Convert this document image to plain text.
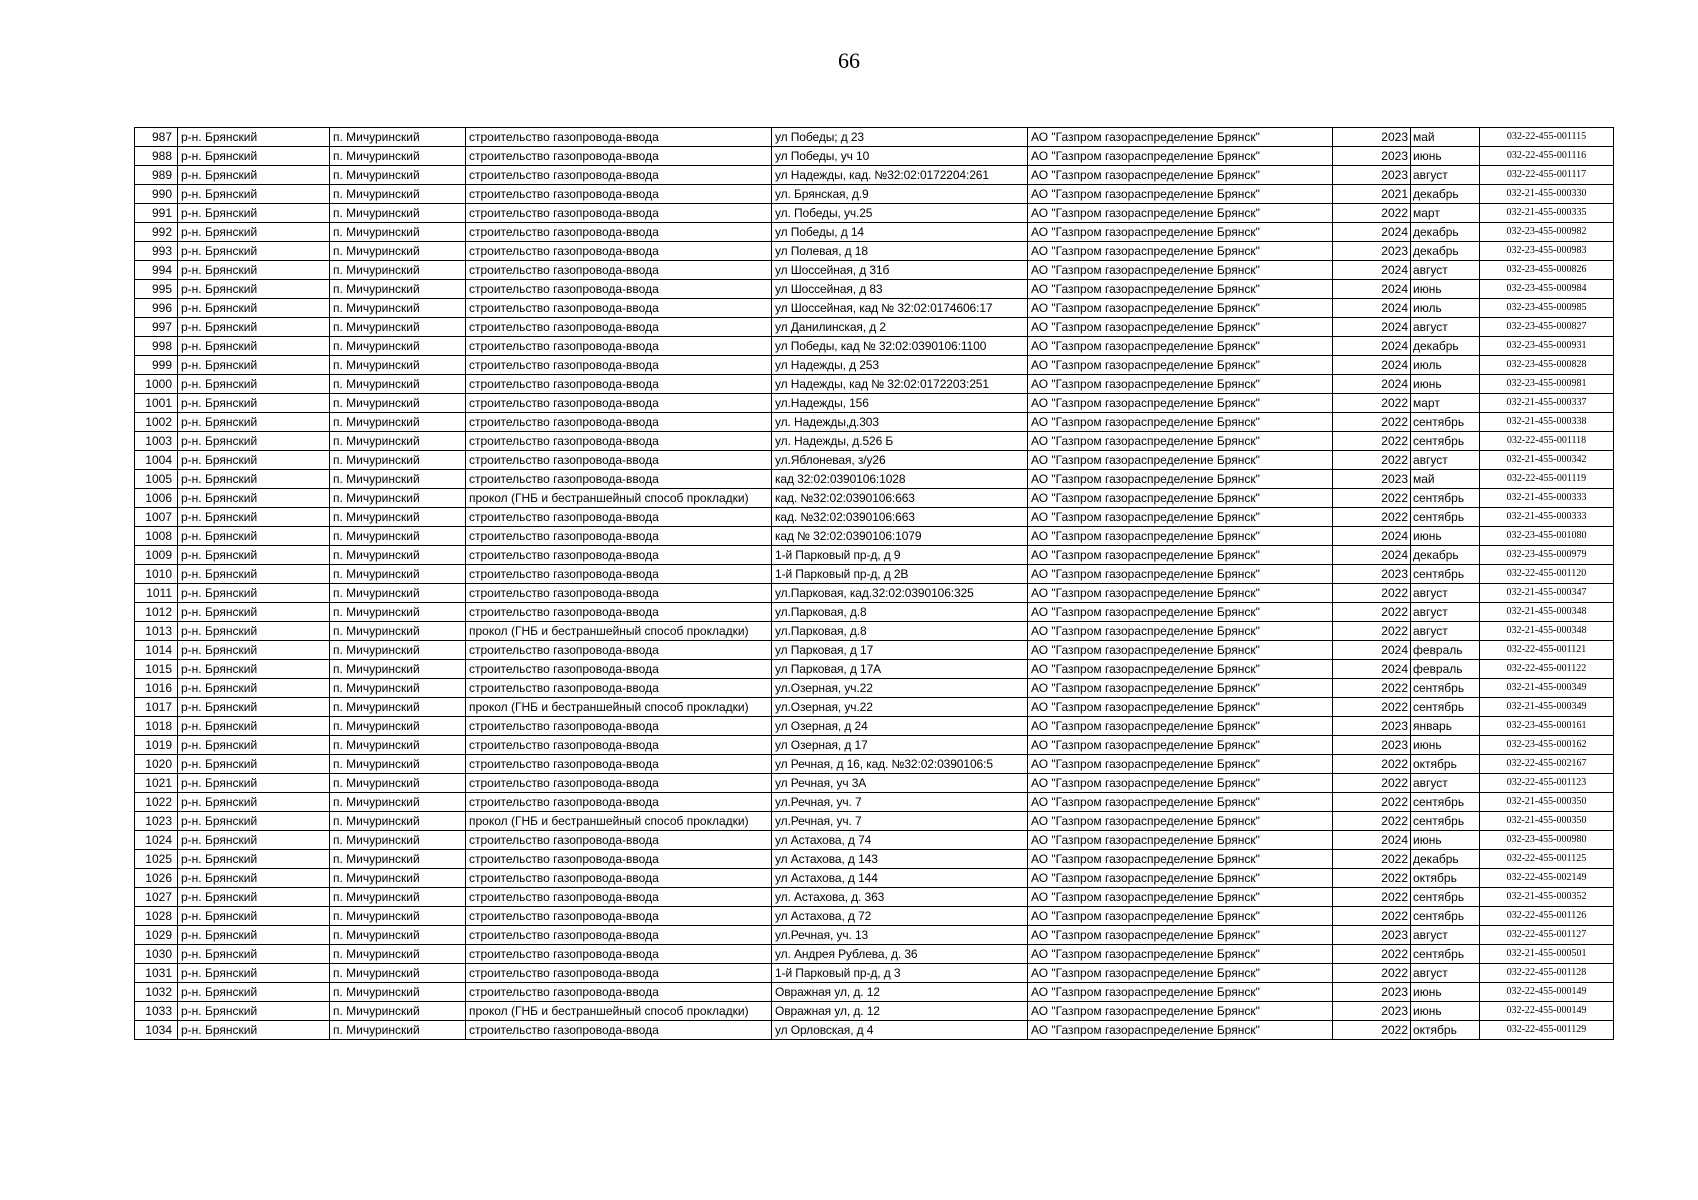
66
987	р-н. Брянский	п. Мичуринский	строительство газопровода-ввода	ул Победы; д 23	АО "Газпром газораспределение Брянск"	2023	май	032-22-455-001115
988	р-н. Брянский	п. Мичуринский	строительство газопровода-ввода	ул Победы, уч 10	АО "Газпром газораспределение Брянск"	2023	июнь	032-22-455-001116
989	р-н. Брянский	п. Мичуринский	строительство газопровода-ввода	ул Надежды, кад. №32:02:0172204:261	АО "Газпром газораспределение Брянск"	2023	август	032-22-455-001117
990	р-н. Брянский	п. Мичуринский	строительство газопровода-ввода	ул. Брянская, д.9	АО "Газпром газораспределение Брянск"	2021	декабрь	032-21-455-000330
991	р-н. Брянский	п. Мичуринский	строительство газопровода-ввода	ул. Победы, уч.25	АО "Газпром газораспределение Брянск"	2022	март	032-21-455-000335
992	р-н. Брянский	п. Мичуринский	строительство газопровода-ввода	ул Победы, д 14	АО "Газпром газораспределение Брянск"	2024	декабрь	032-23-455-000982
993	р-н. Брянский	п. Мичуринский	строительство газопровода-ввода	ул Полевая, д 18	АО "Газпром газораспределение Брянск"	2023	декабрь	032-23-455-000983
994	р-н. Брянский	п. Мичуринский	строительство газопровода-ввода	ул Шоссейная, д 31б	АО "Газпром газораспределение Брянск"	2024	август	032-23-455-000826
995	р-н. Брянский	п. Мичуринский	строительство газопровода-ввода	ул Шоссейная, д 83	АО "Газпром газораспределение Брянск"	2024	июнь	032-23-455-000984
996	р-н. Брянский	п. Мичуринский	строительство газопровода-ввода	ул Шоссейная, кад № 32:02:0174606:17	АО "Газпром газораспределение Брянск"	2024	июль	032-23-455-000985
997	р-н. Брянский	п. Мичуринский	строительство газопровода-ввода	ул Данилинская, д 2	АО "Газпром газораспределение Брянск"	2024	август	032-23-455-000827
998	р-н. Брянский	п. Мичуринский	строительство газопровода-ввода	ул Победы, кад № 32:02:0390106:1100	АО "Газпром газораспределение Брянск"	2024	декабрь	032-23-455-000931
999	р-н. Брянский	п. Мичуринский	строительство газопровода-ввода	ул Надежды, д 253	АО "Газпром газораспределение Брянск"	2024	июль	032-23-455-000828
1000	р-н. Брянский	п. Мичуринский	строительство газопровода-ввода	ул Надежды, кад № 32:02:0172203:251	АО "Газпром газораспределение Брянск"	2024	июнь	032-23-455-000981
1001	р-н. Брянский	п. Мичуринский	строительство газопровода-ввода	ул.Надежды, 156	АО "Газпром газораспределение Брянск"	2022	март	032-21-455-000337
1002	р-н. Брянский	п. Мичуринский	строительство газопровода-ввода	ул. Надежды,д.303	АО "Газпром газораспределение Брянск"	2022	сентябрь	032-21-455-000338
1003	р-н. Брянский	п. Мичуринский	строительство газопровода-ввода	ул. Надежды, д.526 Б	АО "Газпром газораспределение Брянск"	2022	сентябрь	032-22-455-001118
1004	р-н. Брянский	п. Мичуринский	строительство газопровода-ввода	ул.Яблоневая, з/у26	АО "Газпром газораспределение Брянск"	2022	август	032-21-455-000342
1005	р-н. Брянский	п. Мичуринский	строительство газопровода-ввода	кад 32:02:0390106:1028	АО "Газпром газораспределение Брянск"	2023	май	032-22-455-001119
1006	р-н. Брянский	п. Мичуринский	прокол (ГНБ и бестраншейный способ прокладки)	кад. №32:02:0390106:663	АО "Газпром газораспределение Брянск"	2022	сентябрь	032-21-455-000333
1007	р-н. Брянский	п. Мичуринский	строительство газопровода-ввода	кад. №32:02:0390106:663	АО "Газпром газораспределение Брянск"	2022	сентябрь	032-21-455-000333
1008	р-н. Брянский	п. Мичуринский	строительство газопровода-ввода	кад № 32:02:0390106:1079	АО "Газпром газораспределение Брянск"	2024	июнь	032-23-455-001080
1009	р-н. Брянский	п. Мичуринский	строительство газопровода-ввода	1-й Парковый пр-д, д 9	АО "Газпром газораспределение Брянск"	2024	декабрь	032-23-455-000979
1010	р-н. Брянский	п. Мичуринский	строительство газопровода-ввода	1-й Парковый пр-д, д 2В	АО "Газпром газораспределение Брянск"	2023	сентябрь	032-22-455-001120
1011	р-н. Брянский	п. Мичуринский	строительство газопровода-ввода	ул.Парковая, кад.32:02:0390106:325	АО "Газпром газораспределение Брянск"	2022	август	032-21-455-000347
1012	р-н. Брянский	п. Мичуринский	строительство газопровода-ввода	ул.Парковая, д.8	АО "Газпром газораспределение Брянск"	2022	август	032-21-455-000348
1013	р-н. Брянский	п. Мичуринский	прокол (ГНБ и бестраншейный способ прокладки)	ул.Парковая, д.8	АО "Газпром газораспределение Брянск"	2022	август	032-21-455-000348
1014	р-н. Брянский	п. Мичуринский	строительство газопровода-ввода	ул Парковая, д 17	АО "Газпром газораспределение Брянск"	2024	февраль	032-22-455-001121
1015	р-н. Брянский	п. Мичуринский	строительство газопровода-ввода	ул Парковая, д 17А	АО "Газпром газораспределение Брянск"	2024	февраль	032-22-455-001122
1016	р-н. Брянский	п. Мичуринский	строительство газопровода-ввода	ул.Озерная, уч.22	АО "Газпром газораспределение Брянск"	2022	сентябрь	032-21-455-000349
1017	р-н. Брянский	п. Мичуринский	прокол (ГНБ и бестраншейный способ прокладки)	ул.Озерная, уч.22	АО "Газпром газораспределение Брянск"	2022	сентябрь	032-21-455-000349
1018	р-н. Брянский	п. Мичуринский	строительство газопровода-ввода	ул Озерная, д 24	АО "Газпром газораспределение Брянск"	2023	январь	032-23-455-000161
1019	р-н. Брянский	п. Мичуринский	строительство газопровода-ввода	ул Озерная, д 17	АО "Газпром газораспределение Брянск"	2023	июнь	032-23-455-000162
1020	р-н. Брянский	п. Мичуринский	строительство газопровода-ввода	ул Речная, д 16, кад. №32:02:0390106:5	АО "Газпром газораспределение Брянск"	2022	октябрь	032-22-455-002167
1021	р-н. Брянский	п. Мичуринский	строительство газопровода-ввода	ул Речная, уч 3А	АО "Газпром газораспределение Брянск"	2022	август	032-22-455-001123
1022	р-н. Брянский	п. Мичуринский	строительство газопровода-ввода	ул.Речная, уч. 7	АО "Газпром газораспределение Брянск"	2022	сентябрь	032-21-455-000350
1023	р-н. Брянский	п. Мичуринский	прокол (ГНБ и бестраншейный способ прокладки)	ул.Речная, уч. 7	АО "Газпром газораспределение Брянск"	2022	сентябрь	032-21-455-000350
1024	р-н. Брянский	п. Мичуринский	строительство газопровода-ввода	ул Астахова, д 74	АО "Газпром газораспределение Брянск"	2024	июнь	032-23-455-000980
1025	р-н. Брянский	п. Мичуринский	строительство газопровода-ввода	ул Астахова, д 143	АО "Газпром газораспределение Брянск"	2022	декабрь	032-22-455-001125
1026	р-н. Брянский	п. Мичуринский	строительство газопровода-ввода	ул Астахова, д 144	АО "Газпром газораспределение Брянск"	2022	октябрь	032-22-455-002149
1027	р-н. Брянский	п. Мичуринский	строительство газопровода-ввода	ул. Астахова, д. 363	АО "Газпром газораспределение Брянск"	2022	сентябрь	032-21-455-000352
1028	р-н. Брянский	п. Мичуринский	строительство газопровода-ввода	ул Астахова, д 72	АО "Газпром газораспределение Брянск"	2022	сентябрь	032-22-455-001126
1029	р-н. Брянский	п. Мичуринский	строительство газопровода-ввода	ул.Речная, уч. 13	АО "Газпром газораспределение Брянск"	2023	август	032-22-455-001127
1030	р-н. Брянский	п. Мичуринский	строительство газопровода-ввода	ул. Андрея Рублева, д. 36	АО "Газпром газораспределение Брянск"	2022	сентябрь	032-21-455-000501
1031	р-н. Брянский	п. Мичуринский	строительство газопровода-ввода	1-й Парковый пр-д, д 3	АО "Газпром газораспределение Брянск"	2022	август	032-22-455-001128
1032	р-н. Брянский	п. Мичуринский	строительство газопровода-ввода	Овражная ул, д. 12	АО "Газпром газораспределение Брянск"	2023	июнь	032-22-455-000149
1033	р-н. Брянский	п. Мичуринский	прокол (ГНБ и бестраншейный способ прокладки)	Овражная ул, д. 12	АО "Газпром газораспределение Брянск"	2023	июнь	032-22-455-000149
1034	р-н. Брянский	п. Мичуринский	строительство газопровода-ввода	ул Орловская, д 4	АО "Газпром газораспределение Брянск"	2022	октябрь	032-22-455-001129
